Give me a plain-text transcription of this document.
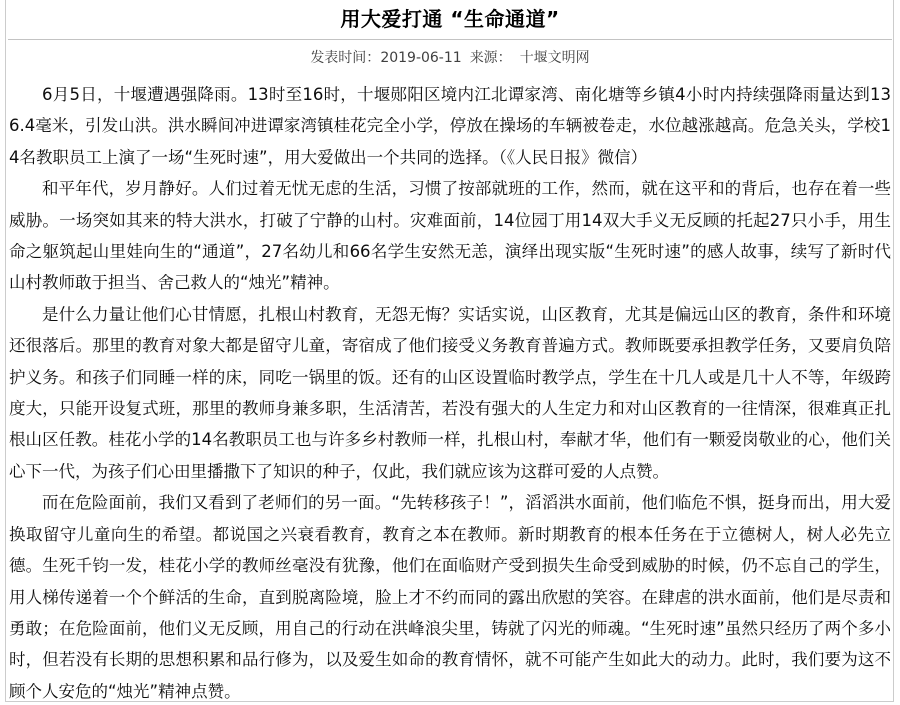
用大爱打通 “生命通道”
发表时间：2019-06-11 来源： 十堰文明网

6月5日，十堰遭遇强降雨。13时至16时，十堰郧阳区境内江北谭家湾、南化塘等乡镇4小时内持续强降雨量达到136.4毫米，引发山洪。洪水瞬间冲进谭家湾镇桂花完全小学，停放在操场的车辆被卷走，水位越涨越高。危急关头，学校14名教职员工上演了一场“生死时速”，用大爱做出一个共同的选择。（《人民日报》微信）

和平年代，岁月静好。人们过着无忧无虑的生活，习惯了按部就班的工作，然而，就在这平和的背后，也存在着一些威胁。一场突如其来的特大洪水，打破了宁静的山村。灾难面前，14位园丁用14双大手义无反顾的托起27只小手，用生命之躯筑起山里娃向生的“通道”，27名幼儿和66名学生安然无恙，演绎出现实版“生死时速”的感人故事，续写了新时代山村教师敢于担当、舍己救人的“烛光”精神。

是什么力量让他们心甘情愿，扎根山村教育，无怨无悔？实话实说，山区教育，尤其是偏远山区的教育，条件和环境还很落后。那里的教育对象大都是留守儿童，寄宿成了他们接受义务教育普遍方式。教师既要承担教学任务，又要肩负陪护义务。和孩子们同睡一样的床，同吃一锅里的饭。还有的山区设置临时教学点，学生在十几人或是几十人不等，年级跨度大，只能开设复式班，那里的教师身兼多职，生活清苦，若没有强大的人生定力和对山区教育的一往情深，很难真正扎根山区任教。桂花小学的14名教职员工也与许多乡村教师一样，扎根山村，奉献才华，他们有一颗爱岗敬业的心，他们关心下一代，为孩子们心田里播撒下了知识的种子，仅此，我们就应该为这群可爱的人点赞。

而在危险面前，我们又看到了老师们的另一面。“先转移孩子！”，滔滔洪水面前，他们临危不惧，挺身而出，用大爱换取留守儿童向生的希望。都说国之兴衰看教育，教育之本在教师。新时期教育的根本任务在于立德树人，树人必先立德。生死千钧一发，桂花小学的教师丝毫没有犹豫，他们在面临财产受到损失生命受到威胁的时候，仍不忘自己的学生，用人梯传递着一个个鲜活的生命，直到脱离险境，脸上才不约而同的露出欣慰的笑容。在肆虐的洪水面前，他们是尽责和勇敢；在危险面前，他们义无反顾，用自己的行动在洪峰浪尖里，铸就了闪光的师魂。“生死时速”虽然只经历了两个多小时，但若没有长期的思想积累和品行修为，以及爱生如命的教育情怀，就不可能产生如此大的动力。此时，我们要为这不顾个人安危的“烛光”精神点赞。
